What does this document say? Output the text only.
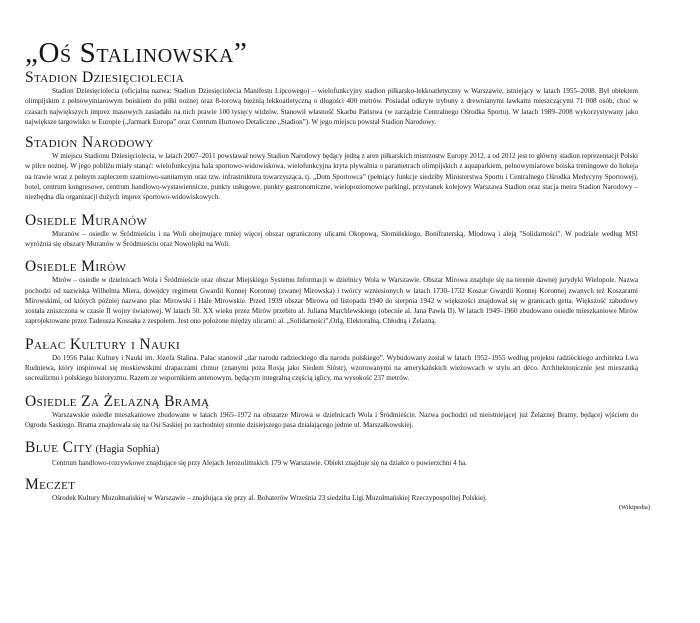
„Oś Stalinowska”
Stadion Dziesięciolecia

Stadion Dziesięciolecia (oficjalna nazwa: Stadion Dziesięciolecia Manifestu Lipcowego) – wielofunkcyjny stadion piłkarsko-lekkoatletyczny w Warszawie, istniejący w latach 1955–2008. Był obiektem olimpijskim z pełnowymiarowym boiskiem do piłki nożnej oraz 8-torową bieżnią lekkoatletyczną o długości 400 metrów. Posiadał odkryte trybuny z drewnianymi ławkami mieszczącymi 71 008 osób, choć w czasach największych imprez masowych zasiadało na nich prawie 100 tysięcy widzów. Stanowił własność Skarbu Państwa (w zarządzie Centralnego Ośrodka Sportu). W latach 1989–2008 wykorzystywany jako największe targowisko w Europie („Jarmark Europa” oraz Centrum Hurtowo Detaliczne „Stadion”). W jego miejscu powstał Stadion Narodowy.

Stadion Narodowy

W miejscu Stadionu Dziesięciolecia, w latach 2007–2011 powstawał nowy Stadion Narodowy będący jedną z aren piłkarskich mistrzostw Europy 2012, a od 2012 jest to główny stadion reprezentacji Polski w piłce nożnej. W jego pobliżu miały stanąć: wielofunkcyjna hala sportowo-widowiskowa, wielofunkcyjna kryta pływalnia o parametrach olimpijskich z aquaparkiem, pełnowymiarowe boiska treningowe do hokeja na trawie wraz z pełnym zapleczem szatniowo-sanitarnym oraz tzw. infrastruktura towarzysząca, tj. „Dom Sportowca” (pełniący funkcje siedziby Ministerstwa Sportu i Centralnego Ośrodka Medycyny Sportowej), hotel, centrum kongresowe, centrum handlowo-wystawiennicze, punkty usługowe, punkty gastronomiczne, wielopoziomowe parkingi, przystanek kolejowy Warszawa Stadion oraz stacja metra Stadion Narodowy – niezbędna dla organizacji dużych imprez sportowo-widowiskowych.

Osiedle Muranów

Muranów – osiedle w Śródmieściu i na Woli obejmujące mniej więcej obszar ograniczony ulicami Okopową, Słomińskiego, Bonifraterską, Miodową i aleją "Solidarności". W podziale według MSI wyróżnia się obszary Muranów w Śródmieściu oraz Nowolipki na Woli.

Osiedle Mirów

Mirów – osiedle w dzielnicach Wola i Śródmieście oraz obszar Miejskiego Systemu Informacji w dzielnicy Wola w Warszawie. Obszar Mirowa znajduje się na terenie dawnej jurydyki Wielopole. Nazwa pochodzi od nazwiska Wilhelma Miera, dowódcy regiment Gwardii Konnej Koronnej (zwanej Mirowska) i twórcy wzniesionych w latach 1730–1732 Koszar Gwardii Konnej Koronnej zwanych też Koszarami Mirowskimi, od których później nazwano plac Mirowski i Hale Mirowskie. Przed 1939 obszar Mirowa od listopada 1940 do sierpnia 1942 w większości znajdował się w granicach getta. Większość zabudowy została zniszczona w czasie II wojny światowej. W latach 50. XX wieku przez Mirów przebito al. Juliana Marchlewskiego (obecnie al. Jana Pawła II). W latach 1949–1960 zbudowano osiedle mieszkaniowe Mirów zaprojektowane przez Tadeusza Kossaka z zespołem. Jest ono położone między ulicami: al. „Solidarności”,Orlą, Elektoralną, Chłodną i Żelazną.

Pałac Kultury i Nauki

Do 1956 Pałac Kultury i Nauki im. Józefa Stalina. Pałac stanowił „dar narodu radzieckiego dla narodu polskiego”. Wybudowany został w latach 1952–1955 według projektu radzieckiego architekta Lwa Rudniewa, który inspirował się moskiewskimi drapaczami chmur (znanymi poza Rosją jako Siedem Sióstr), wzorowanymi na amerykańskich wieżowcach w stylu art déco. Architektonicznie jest mieszanką socrealizmu i polskiego historyzmu. Razem ze wspornikiem antenowym, będącym integralną częścią iglicy, ma wysokość 237 metrów.

Osiedle Za Żelazną Bramą

Warszawskie osiedle mieszkaniowe zbudowane w latach 1965–1972 na obszarze Mirowa w dzielnicach Wola i Śródmieście. Nazwa pochodzi od nieistniejącej już Żelaznej Bramy, będącej wjściem do Ogrodu Saskiego. Brama znajdowała się na Osi Saskiej po zachodniej stronie dzisiejszego pasa działającego jednie ul. Marszałkowskiej.

Blue City (Hagia Sophia)

Centrum handlowo-rozrywkowe znajdujące się przy Alejach Jerozolimskich 179 w Warszawie. Obiekt znajduje się na działce o powierzchni 4 ha.

Meczet

Ośrodek Kultury Muzułmańskiej w Warszawie – znajdująca się przy al. Bohaterów Września 23 siedziba Ligi Muzułmańskiej Rzeczypospolitej Polskiej.

(Wikipedia)
